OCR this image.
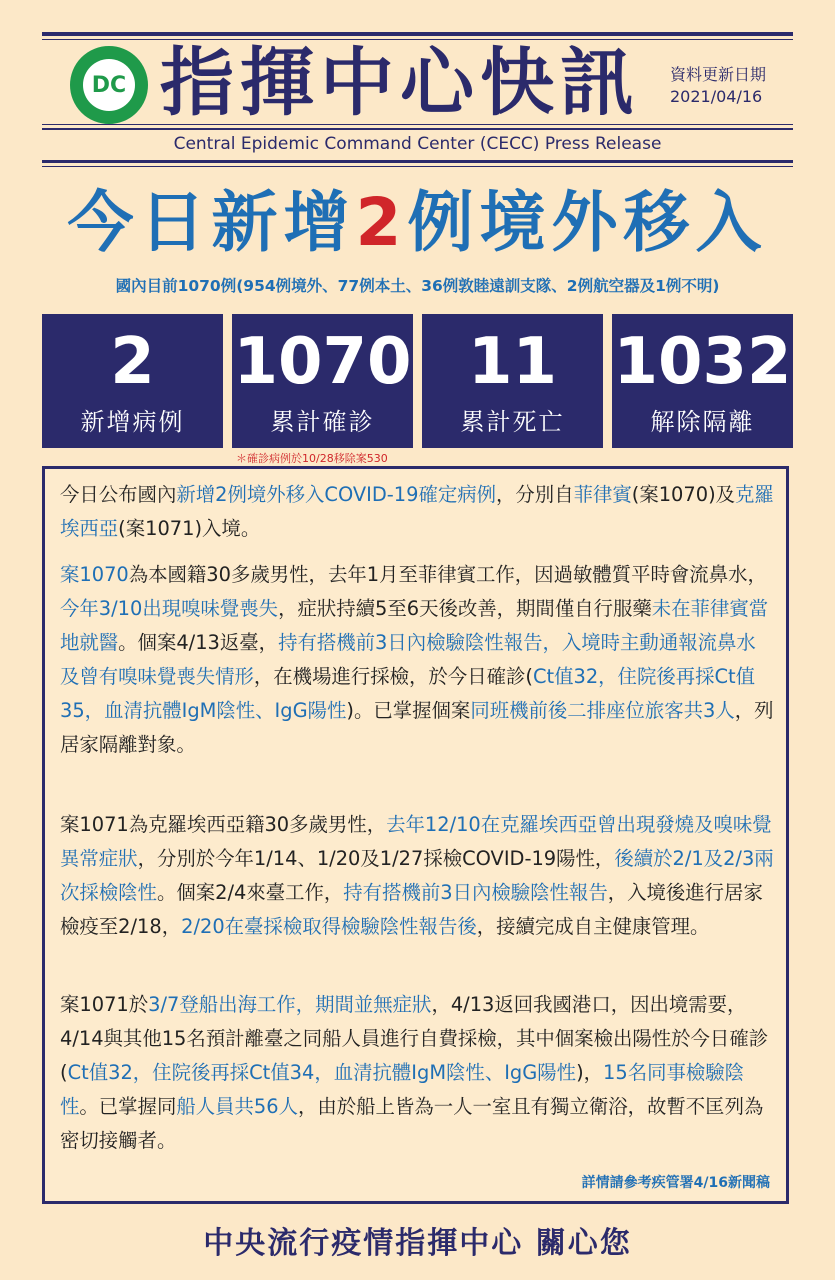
DC 指揮中心快訊	資料更新日期
2021/04/16
Central Epidemic Command Center (CECC) Press Release
今日新增2例境外移入
國內目前1070例(954例境外、77例本土、36例敦睦遠訓支隊、2例航空器及1例不明)
2
新增病例
1070
累計確診
11
累計死亡
1032
解除隔離
＊確診病例於10/28移除案530
今日公布國內新增2例境外移入COVID-19確定病例，分別自菲律賓(案1070)及克羅埃西亞(案1071)入境。
案1070為本國籍30多歲男性，去年1月至菲律賓工作，因過敏體質平時會流鼻水，今年3/10出現嗅味覺喪失，症狀持續5至6天後改善，期間僅自行服藥未在菲律賓當地就醫。個案4/13返臺，持有搭機前3日內檢驗陰性報告，入境時主動通報流鼻水及曾有嗅味覺喪失情形，在機場進行採檢，於今日確診(Ct值32，住院後再採Ct值35，血清抗體IgM陰性、IgG陽性)。已掌握個案同班機前後二排座位旅客共3人，列居家隔離對象。
案1071為克羅埃西亞籍30多歲男性，去年12/10在克羅埃西亞曾出現發燒及嗅味覺異常症狀，分別於今年1/14、1/20及1/27採檢COVID-19陽性，後續於2/1及2/3兩次採檢陰性。個案2/4來臺工作，持有搭機前3日內檢驗陰性報告，入境後進行居家檢疫至2/18，2/20在臺採檢取得檢驗陰性報告後，接續完成自主健康管理。
案1071於3/7登船出海工作，期間並無症狀，4/13返回我國港口，因出境需要，4/14與其他15名預計離臺之同船人員進行自費採檢，其中個案檢出陽性於今日確診(Ct值32，住院後再採Ct值34，血清抗體IgM陰性、IgG陽性)，15名同事檢驗陰性。已掌握同船人員共56人，由於船上皆為一人一室且有獨立衛浴，故暫不匡列為密切接觸者。
詳情請參考疾管署4/16新聞稿
中央流行疫情指揮中心 關心您
